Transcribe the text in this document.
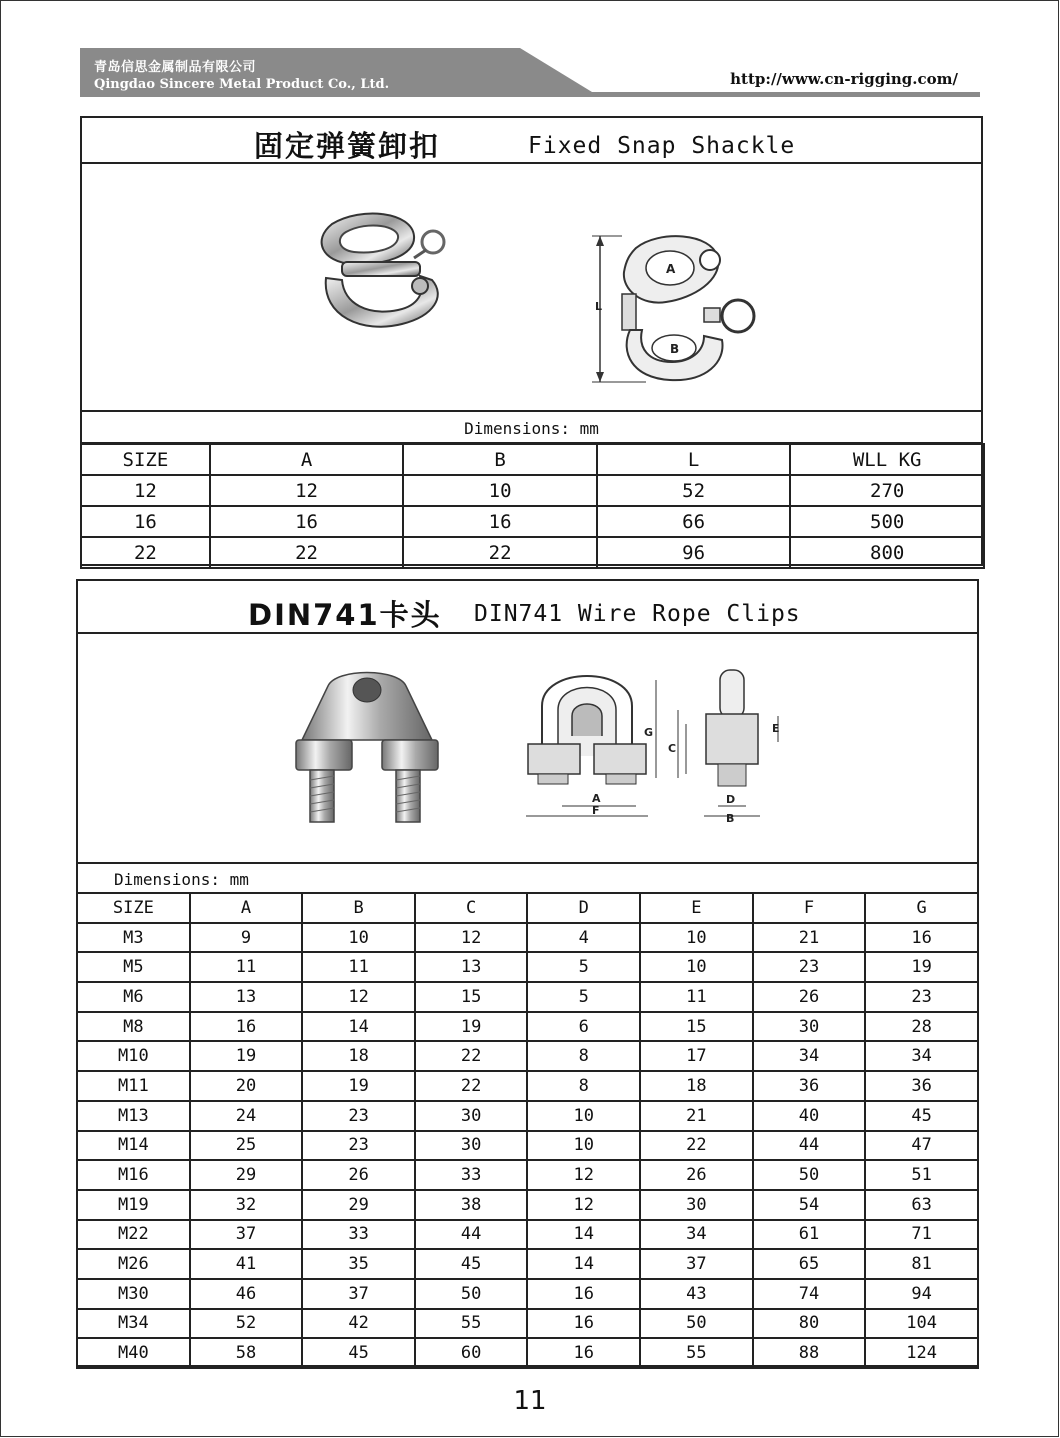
青岛信思金属制品有限公司
Qingdao Sincere Metal Product Co., Ltd.	http://www.cn-rigging.com/
固定弹簧卸扣	Fixed Snap Shackle
L
A
B
Dimensions: mm
SIZE	A	B	L	WLL KG
12	12	10	52	270
16	16	16	66	500
22	22	22	96	800
DIN741卡头 DIN741 Wire Rope Clips
G
C
A
F
E
D
B
Dimensions: mm
SIZE	A	B	C	D	E	F	G
M3	9	10	12	4	10	21	16
M5	11	11	13	5	10	23	19
M6	13	12	15	5	11	26	23
M8	16	14	19	6	15	30	28
M10	19	18	22	8	17	34	34
M11	20	19	22	8	18	36	36
M13	24	23	30	10	21	40	45
M14	25	23	30	10	22	44	47
M16	29	26	33	12	26	50	51
M19	32	29	38	12	30	54	63
M22	37	33	44	14	34	61	71
M26	41	35	45	14	37	65	81
M30	46	37	50	16	43	74	94
M34	52	42	55	16	50	80	104
M40	58	45	60	16	55	88	124
11
